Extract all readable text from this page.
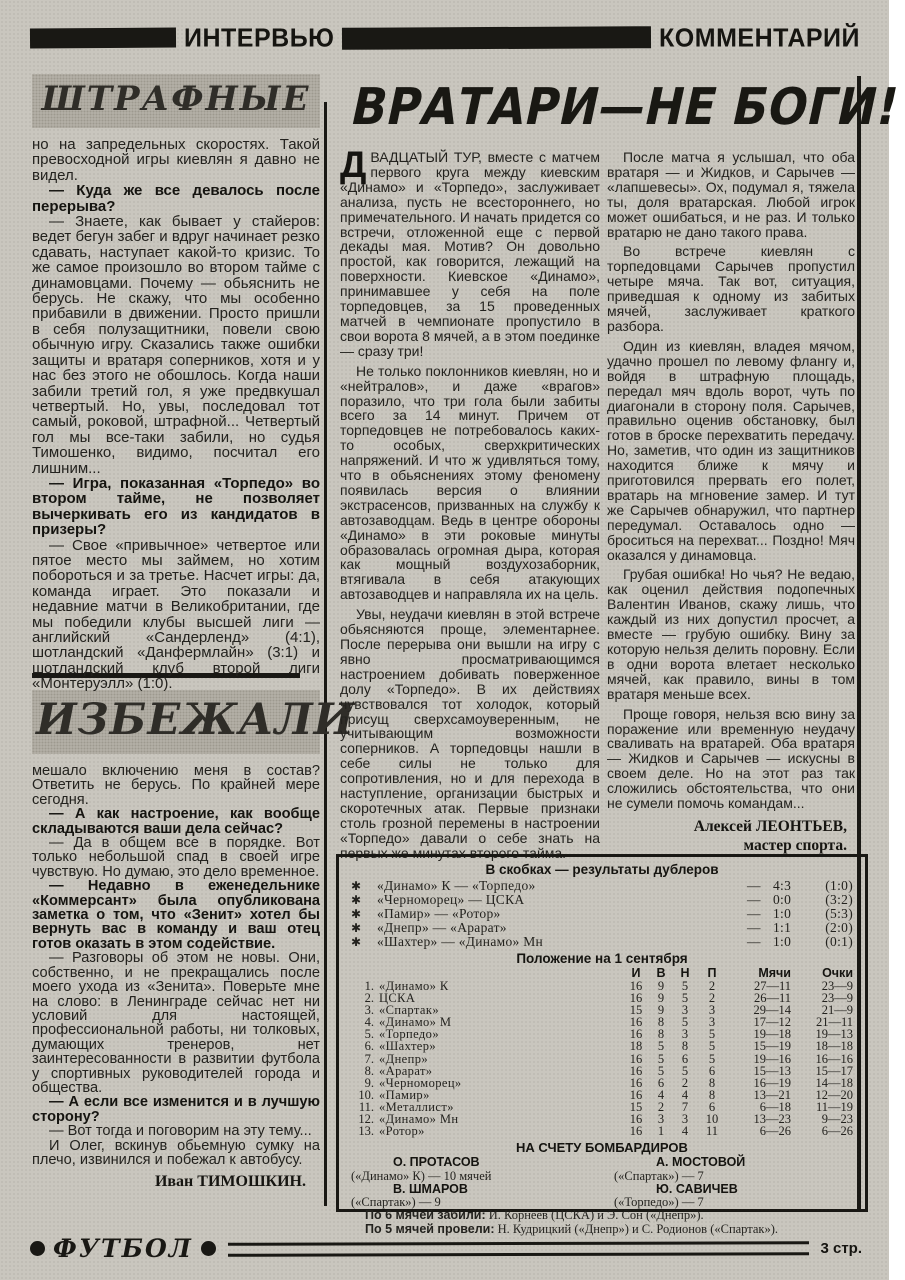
ИНТЕРВЬЮ	КОММЕНТАРИЙ
ШТРАФНЫЕ

но на запредельных скоростях. Такой превосходной игры киевлян я давно не видел.

— Куда же все девалось после перерыва?

— Знаете, как бывает у стайеров: ведет бегун забег и вдруг начинает резко сдавать, наступает какой-то кризис. То же самое произошло во втором тайме с динамовцами. Почему — обьяснить не берусь. Не скажу, что мы особенно прибавили в движении. Просто пришли в себя полузащитники, повели свою обычную игру. Сказались также ошибки защиты и вратаря соперников, хотя и у нас без этого не обошлось. Когда наши забили третий гол, я уже предвкушал четвертый. Но, увы, последовал тот самый, роковой, штрафной... Четвертый гол мы все-таки забили, но судья Тимошенко, видимо, посчитал его лишним...

— Игра, показанная «Торпедо» во втором тайме, не позволяет вычеркивать его из кандидатов в призеры?

— Свое «привычное» четвертое или пятое место мы займем, но хотим побороться и за третье. Насчет игры: да, команда играет. Это показали и недавние матчи в Великобритании, где мы победили клубы высшей лиги — английский «Сандерленд» (4:1), шотландский «Данфермлайн» (3:1) и шотландский клуб второй лиги «Монтеруэлл» (1:0).

ИЗБЕЖАЛИ

мешало включению меня в состав? Ответить не берусь. По крайней мере сегодня.

— А как настроение, как вообще складываются ваши дела сейчас?

— Да в общем все в порядке. Вот только небольшой спад в своей игре чувствую. Но думаю, это дело временное.

— Недавно в еженедельнике «Коммерсант» была опубликована заметка о том, что «Зенит» хотел бы вернуть вас в команду и ваш отец готов оказать в этом содействие.

— Разговоры об этом не новы. Они, собственно, и не прекращались после моего ухода из «Зенита». Поверьте мне на слово: в Ленинграде сейчас нет ни условий для настоящей, профессиональной работы, ни толковых, думающих тренеров, нет заинтересованности в развитии футбола у спортивных руководителей города и общества.

— А если все изменится и в лучшую сторону?

— Вот тогда и поговорим на эту тему...

И Олег, вскинув обьемную сумку на плечо, извинился и побежал к автобусу.

Иван ТИМОШКИН.
ВРАТАРИ—НЕ БОГИ!

ДВАДЦАТЫЙ ТУР, вместе с матчем первого круга между киевским «Динамо» и «Торпедо», заслуживает анализа, пусть не всестороннего, но примечательного. И начать придется со встречи, отложенной еще с первой декады мая. Мотив? Он довольно простой, как говорится, лежащий на поверхности. Киевское «Динамо», принимавшее у себя на поле торпедовцев, за 15 проведенных матчей в чемпионате пропустило в свои ворота 8 мячей, а в этом поединке — сразу три!

Не только поклонников киевлян, но и «нейтралов», и даже «врагов» поразило, что три гола были забиты всего за 14 минут. Причем от торпедовцев не потребовалось каких-то особых, сверхкритических напряжений. И что ж удивляться тому, что в обьяснениях этому феномену появилась версия о влиянии экстрасенсов, призванных на службу к автозаводцам. Ведь в центре обороны «Динамо» в эти роковые минуты образовалась огромная дыра, которая как мощный воздухозаборник, втягивала в себя атакующих автозаводцев и направляла их на цель.

Увы, неудачи киевлян в этой встрече обьясняются проще, элементарнее. После перерыва они вышли на игру с явно просматривающимся настроением добивать поверженное долу «Торпедо». В их действиях чувствовался тот холодок, который присущ сверхсамоуверенным, не учитывающим возможности соперников. А торпедовцы нашли в себе силы не только для сопротивления, но и для перехода в наступление, организации быстрых и скоротечных атак. Первые признаки столь грозной перемены в настроении «Торпедо» давали о себе знать на первых же минутах второго тайма.

После матча я услышал, что оба вратаря — и Жидков, и Сарычев — «лапшевесы». Ох, подумал я, тяжела ты, доля вратарская. Любой игрок может ошибаться, и не раз. И только вратарю не дано такого права.

Во встрече киевлян с торпедовцами Сарычев пропустил четыре мяча. Так вот, ситуация, приведшая к одному из забитых мячей, заслуживает краткого разбора.

Один из киевлян, владея мячом, удачно прошел по левому флангу и, войдя в штрафную площадь, передал мяч вдоль ворот, чуть по диагонали в сторону поля. Сарычев, правильно оценив обстановку, был готов в броске перехватить передачу. Но, заметив, что один из защитников находится ближе к мячу и приготовился прервать его полет, вратарь на мгновение замер. И тут же Сарычев обнаружил, что партнер передумал. Оставалось одно — броситься на перехват... Поздно! Мяч оказался у динамовца.

Грубая ошибка! Но чья? Не ведаю, как оценил действия подопечных Валентин Иванов, скажу лишь, что каждый из них допустил просчет, а вместе — грубую ошибку. Вину за которую нельзя делить поровну. Если в одни ворота влетает несколько мячей, как правило, вины в том вратаря меньше всех.

Проще говоря, нельзя всю вину за поражение или временную неудачу сваливать на вратарей. Оба вратаря — Жидков и Сарычев — искусны в своем деле. Но на этот раз так сложились обстоятельства, что они не сумели помочь командам...

Алексей ЛЕОНТЬЕВ,
мастер спорта.
В скобках — результаты дублеров
✱	«Динамо» К — «Торпедо»	— 4:3	(1:0)
✱	«Черноморец» — ЦСКА	— 0:0	(3:2)
✱	«Памир» — «Ротор»	— 1:0	(5:3)
✱	«Днепр» — «Арарат»	— 1:1	(2:0)
✱	«Шахтер» — «Динамо» Мн	— 1:0	(0:1)
Положение на 1 сентября
И	В	Н	П	Мячи	Очки
1. «Динамо» К	16	9	5	2	27—11	23—9
2. ЦСКА	16	9	5	2	26—11	23—9
3. «Спартак»	15	9	3	3	29—14	21—9
4. «Динамо» М	16	8	5	3	17—12	21—11
5. «Торпедо»	16	8	3	5	19—18	19—13
6. «Шахтер»	18	5	8	5	15—19	18—18
7. «Днепр»	16	5	6	5	19—16	16—16
8. «Арарат»	16	5	5	6	15—13	15—17
9. «Черноморец»	16	6	2	8	16—19	14—18
10. «Памир»	16	4	4	8	13—21	12—20
11. «Металлист»	15	2	7	6	6—18	11—19
12. «Динамо» Мн	16	3	3	10	13—23	9—23
13. «Ротор»	16	1	4	11	6—26	6—26
НА СЧЕТУ БОМБАРДИРОВ
О. ПРОТАСОВ
(«Динамо» К) — 10 мячей
А. МОСТОВОЙ
(«Спартак») — 7
В. ШМАРОВ
(«Спартак») — 9
Ю. САВИЧЕВ
(«Торпедо») — 7
По 6 мячей забили: И. Корнеев (ЦСКА) и Э. Сон («Днепр»).
По 5 мячей провели: Н. Кудрицкий («Днепр») и С. Родионов («Спартак»).
ФУТБОЛ	3 стр.
